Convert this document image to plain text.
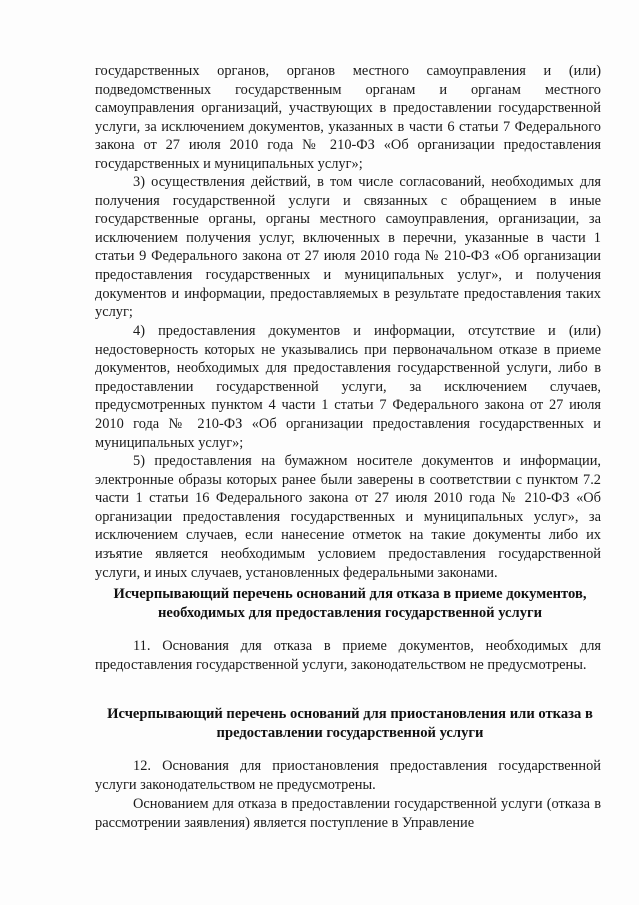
государственных органов, органов местного самоуправления и (или) подведомственных государственным органам и органам местного самоуправления организаций, участвующих в предоставлении государственной услуги, за исключением документов, указанных в части 6 статьи 7 Федерального закона от 27 июля 2010 года № 210-ФЗ «Об организации предоставления государственных и муниципальных услуг»;

3) осуществления действий, в том числе согласований, необходимых для получения государственной услуги и связанных с обращением в иные государственные органы, органы местного самоуправления, организации, за исключением получения услуг, включенных в перечни, указанные в части 1 статьи 9 Федерального закона от 27 июля 2010 года № 210-ФЗ «Об организации предоставления государственных и муниципальных услуг», и получения документов и информации, предоставляемых в результате предоставления таких услуг;

4) предоставления документов и информации, отсутствие и (или) недостоверность которых не указывались при первоначальном отказе в приеме документов, необходимых для предоставления государственной услуги, либо в предоставлении государственной услуги, за исключением случаев, предусмотренных пунктом 4 части 1 статьи 7 Федерального закона от 27 июля 2010 года № 210-ФЗ «Об организации предоставления государственных и муниципальных услуг»;

5) предоставления на бумажном носителе документов и информации, электронные образы которых ранее были заверены в соответствии с пунктом 7.2 части 1 статьи 16 Федерального закона от 27 июля 2010 года № 210-ФЗ «Об организации предоставления государственных и муниципальных услуг», за исключением случаев, если нанесение отметок на такие документы либо их изъятие является необходимым условием предоставления государственной услуги, и иных случаев, установленных федеральными законами.

Исчерпывающий перечень оснований для отказа в приеме документов, необходимых для предоставления государственной услуги

11. Основания для отказа в приеме документов, необходимых для предоставления государственной услуги, законодательством не предусмотрены.

Исчерпывающий перечень оснований для приостановления или отказа в предоставлении государственной услуги

12. Основания для приостановления предоставления государственной услуги законодательством не предусмотрены.

Основанием для отказа в предоставлении государственной услуги (отказа в рассмотрении заявления) является поступление в Управление
